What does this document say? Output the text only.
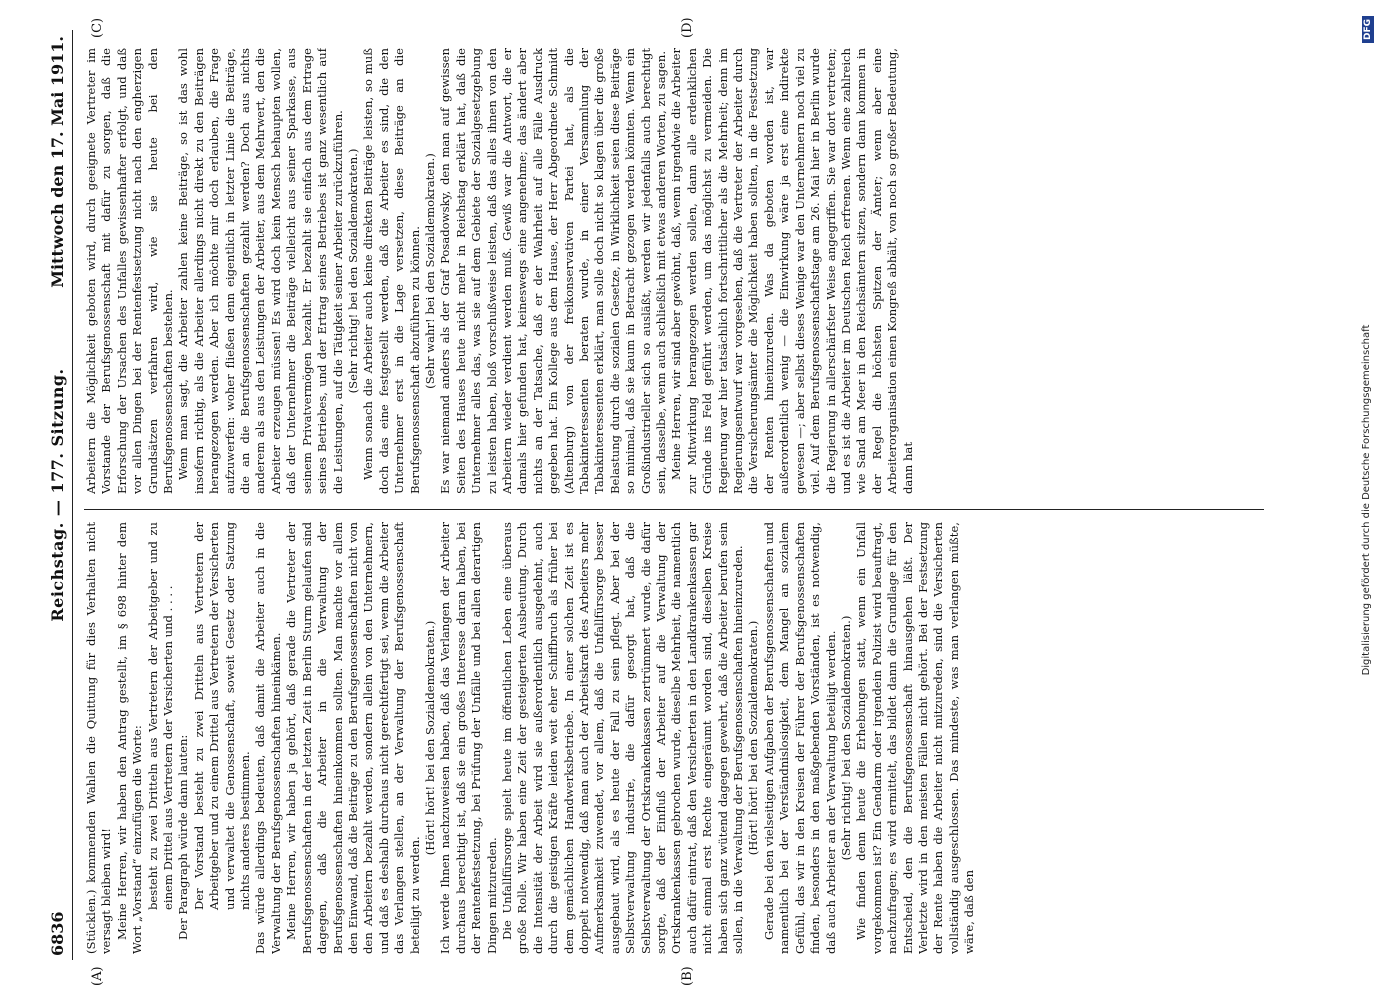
6836
Reichstag. — 177. Sitzung.
Mittwoch den 17. Mai 1911.
(A)	(B)
(C)	(D)

(Stücklen.) kommenden Wahlen die Quittung für dies Verhalten nicht versagt bleiben wird! Meine Herren, wir haben den Antrag gestellt, im § 698 hinter dem Wort „Vorstand“ einzufügen die Worte: besteht zu zwei Dritteln aus Vertretern der Arbeitgeber und zu einem Drittel aus Vertretern der Versicherten und . . . . Der Paragraph würde dann lauten: Der Vorstand besteht zu zwei Dritteln aus Vertretern der Arbeitgeber und zu einem Drittel aus Vertretern der Versicherten und verwaltet die Genossenschaft, soweit Gesetz oder Satzung nichts anderes bestimmen. Das würde allerdings bedeuten, daß damit die Arbeiter auch in die Verwaltung der Berufsgenossenschaften hineinkämen. Meine Herren, wir haben ja gehört, daß gerade die Vertreter der Berufsgenossenschaften in der letzten Zeit in Berlin Sturm gelaufen sind dagegen, daß die Arbeiter in die Verwaltung der Berufsgenossenschaften hineinkommen sollten. Man machte vor allem den Einwand, daß die Beiträge zu den Berufsgenossenschaften nicht von den Arbeitern bezahlt werden, sondern allein von den Unternehmern, und daß es deshalb durchaus nicht gerechtfertigt sei, wenn die Arbeiter das Verlangen stellen, an der Verwaltung der Berufsgenossenschaft beteiligt zu werden.

(Hört! hört! bei den Sozialdemokraten.) Ich werde Ihnen nachzuweisen haben, daß das Verlangen der Arbeiter durchaus berechtigt ist, daß sie ein großes Interesse daran haben, bei der Rentenfestsetzung, bei Prüfung der Unfälle und bei allen derartigen Dingen mitzureden. Die Unfallfürsorge spielt heute im öffentlichen Leben eine überaus große Rolle. Wir haben eine Zeit der gesteigerten Ausbeutung. Durch die Intensität der Arbeit wird sie außerordentlich ausgedehnt, auch durch die geistigen Kräfte leiden weit eher Schiffbruch als früher bei dem gemächlichen Handwerksbetriebe. In einer solchen Zeit ist es doppelt notwendig, daß man auch der Arbeitskraft des Arbeiters mehr Aufmerksamkeit zuwendet, vor allem, daß die Unfallfürsorge besser ausgebaut wird, als es heute der Fall zu sein pflegt. Aber bei der Selbstverwaltung industrie, die dafür gesorgt hat, daß die Selbstverwaltung der Ortskrankenkassen zertrümmert wurde, die dafür sorgte, daß der Einfluß der Arbeiter auf die Verwaltung der Ortskrankenkassen gebrochen wurde, dieselbe Mehrheit, die namentlich auch dafür eintrat, daß den Versicherten in den Landkrankenkassen gar nicht einmal erst Rechte eingeräumt worden sind, dieselben Kreise haben sich ganz wütend dagegen gewehrt, daß die Arbeiter berufen sein sollen, in die Verwaltung der Berufsgenossenschaften hineinzureden. (Hört! hört! bei den Sozialdemokraten.) Gerade bei den vielseitigen Aufgaben der Berufsgenossenschaften und namentlich bei der Verständnislosigkeit, dem Mangel an sozialem Gefühl, das wir in den Kreisen der Führer der Berufsgenossenschaften finden, besonders in den maßgebenden Vorständen, ist es notwendig, daß auch Arbeiter an der Verwaltung beteiligt werden. (Sehr richtig! bei den Sozialdemokraten.) Wie finden denn heute die Erhebungen statt, wenn ein Unfall vorgekommen ist? Ein Gendarm oder irgendein Polizist wird beauftragt, nachzufragen; es wird ermittelt, das bildet dann die Grundlage für den Entscheid, den die Berufsgenossenschaft hinausgehen läßt. Der Verletzte wird in den meisten Fällen nicht gehört. Bei der Festsetzung der Rente haben die Arbeiter nicht mitzureden, sind die Versicherten vollständig ausgeschlossen. Das mindeste, was man verlangen müßte, wäre, daß den

Arbeitern die Möglichkeit geboten wird, durch geeignete Vertreter im Vorstande der Berufsgenossenschaft mit dafür zu sorgen, daß die Erforschung der Ursachen des Unfalles gewissenhafter erfolgt, und daß vor allen Dingen bei der Rentenfestsetzung nicht nach den engherzigen Grundsätzen verfahren wird, wie sie heute bei den Berufsgenossenschaften bestehen. Wenn man sagt, die Arbeiter zahlen keine Beiträge, so ist das wohl insofern richtig, als die Arbeiter allerdings nicht direkt zu den Beiträgen herangezogen werden. Aber ich möchte mir doch erlauben, die Frage aufzuwerfen: woher fließen denn eigentlich in letzter Linie die Beiträge, die an die Berufsgenossenschaften gezahlt werden? Doch aus nichts anderem als aus den Leistungen der Arbeiter, aus dem Mehrwert, den die Arbeiter erzeugen müssen! Es wird doch kein Mensch behaupten wollen, daß der Unternehmer die Beiträge vielleicht aus seiner Sparkasse, aus seinem Privatvermögen bezahlt. Er bezahlt sie einfach aus dem Ertrage seines Betriebes, und der Ertrag seines Betriebes ist ganz wesentlich auf die Leistungen, auf die Tätigkeit seiner Arbeiter zurückzuführen. (Sehr richtig! bei den Sozialdemokraten.) Wenn sonach die Arbeiter auch keine direkten Beiträge leisten, so muß doch das eine festgestellt werden, daß die Arbeiter es sind, die den Unternehmer erst in die Lage versetzen, diese Beiträge an die Berufsgenossenschaft abzuführen zu können. (Sehr wahr! bei den Sozialdemokraten.) Es war niemand anders als der Graf Posadowsky, den man auf gewissen Seiten des Hauses heute nicht mehr in Reichstag erklärt hat, daß die Unternehmer alles das, was sie auf dem Gebiete der Sozialgesetzgebung zu leisten haben, bloß vorschußweise leisten, daß das alles ihnen von den Arbeitern wieder verdient werden muß. Gewiß war die Antwort, die er damals hier gefunden hat, keineswegs eine angenehme; das ändert aber nichts an der Tatsache, daß er der Wahrheit auf alle Fälle Ausdruck gegeben hat. Ein Kollege aus dem Hause, der Herr Abgeordnete Schmidt (Altenburg) von der freikonservativen Partei hat, als die Tabakinteressenten beraten wurde, in einer Versammlung der Tabakinteressenten erklärt, man solle doch nicht so klagen über die große Belastung durch die sozialen Gesetze, in Wirklichkeit seien diese Beiträge so minimal, daß sie kaum in Betracht gezogen werden könnten. Wenn ein Großindustrieller sich so ausläßt, werden wir jedenfalls auch berechtigt sein, dasselbe, wenn auch schließlich mit etwas anderen Worten, zu sagen. Meine Herren, wir sind aber gewöhnt, daß, wenn irgendwie die Arbeiter zur Mitwirkung herangezogen werden sollen, dann alle erdenklichen Gründe ins Feld geführt werden, um das möglichst zu vermeiden. Die Regierung war hier tatsächlich fortschrittlicher als die Mehrheit; denn im Regierungsentwurf war vorgesehen, daß die Vertreter der Arbeiter durch die Versicherungsämter die Möglichkeit haben sollten, in die Festsetzung der Renten hineinzureden. Was da geboten worden ist, war außerordentlich wenig — die Einwirkung wäre ja erst eine indirekte gewesen —; aber selbst dieses Wenige war den Unternehmern noch viel zu viel. Auf dem Berufsgenossenschaftstage am 26. Mai hier in Berlin wurde die Regierung in allerschärfster Weise angegriffen. Sie war dort vertreten; und es ist die Arbeiter im Deutschen Reich erfrenen. Wenn eine zahlreich wie Sand am Meer in den Reichsämtern sitzen, sondern dann kommen in der Regel die höchsten Spitzen der Ämter; wenn aber eine Arbeiterorganisation einen Kongreß abhält, von noch so großer Bedeutung, dann hat	Digitalisierung gefördert durch die Deutsche Forschungsgemeinschaft
DFG
